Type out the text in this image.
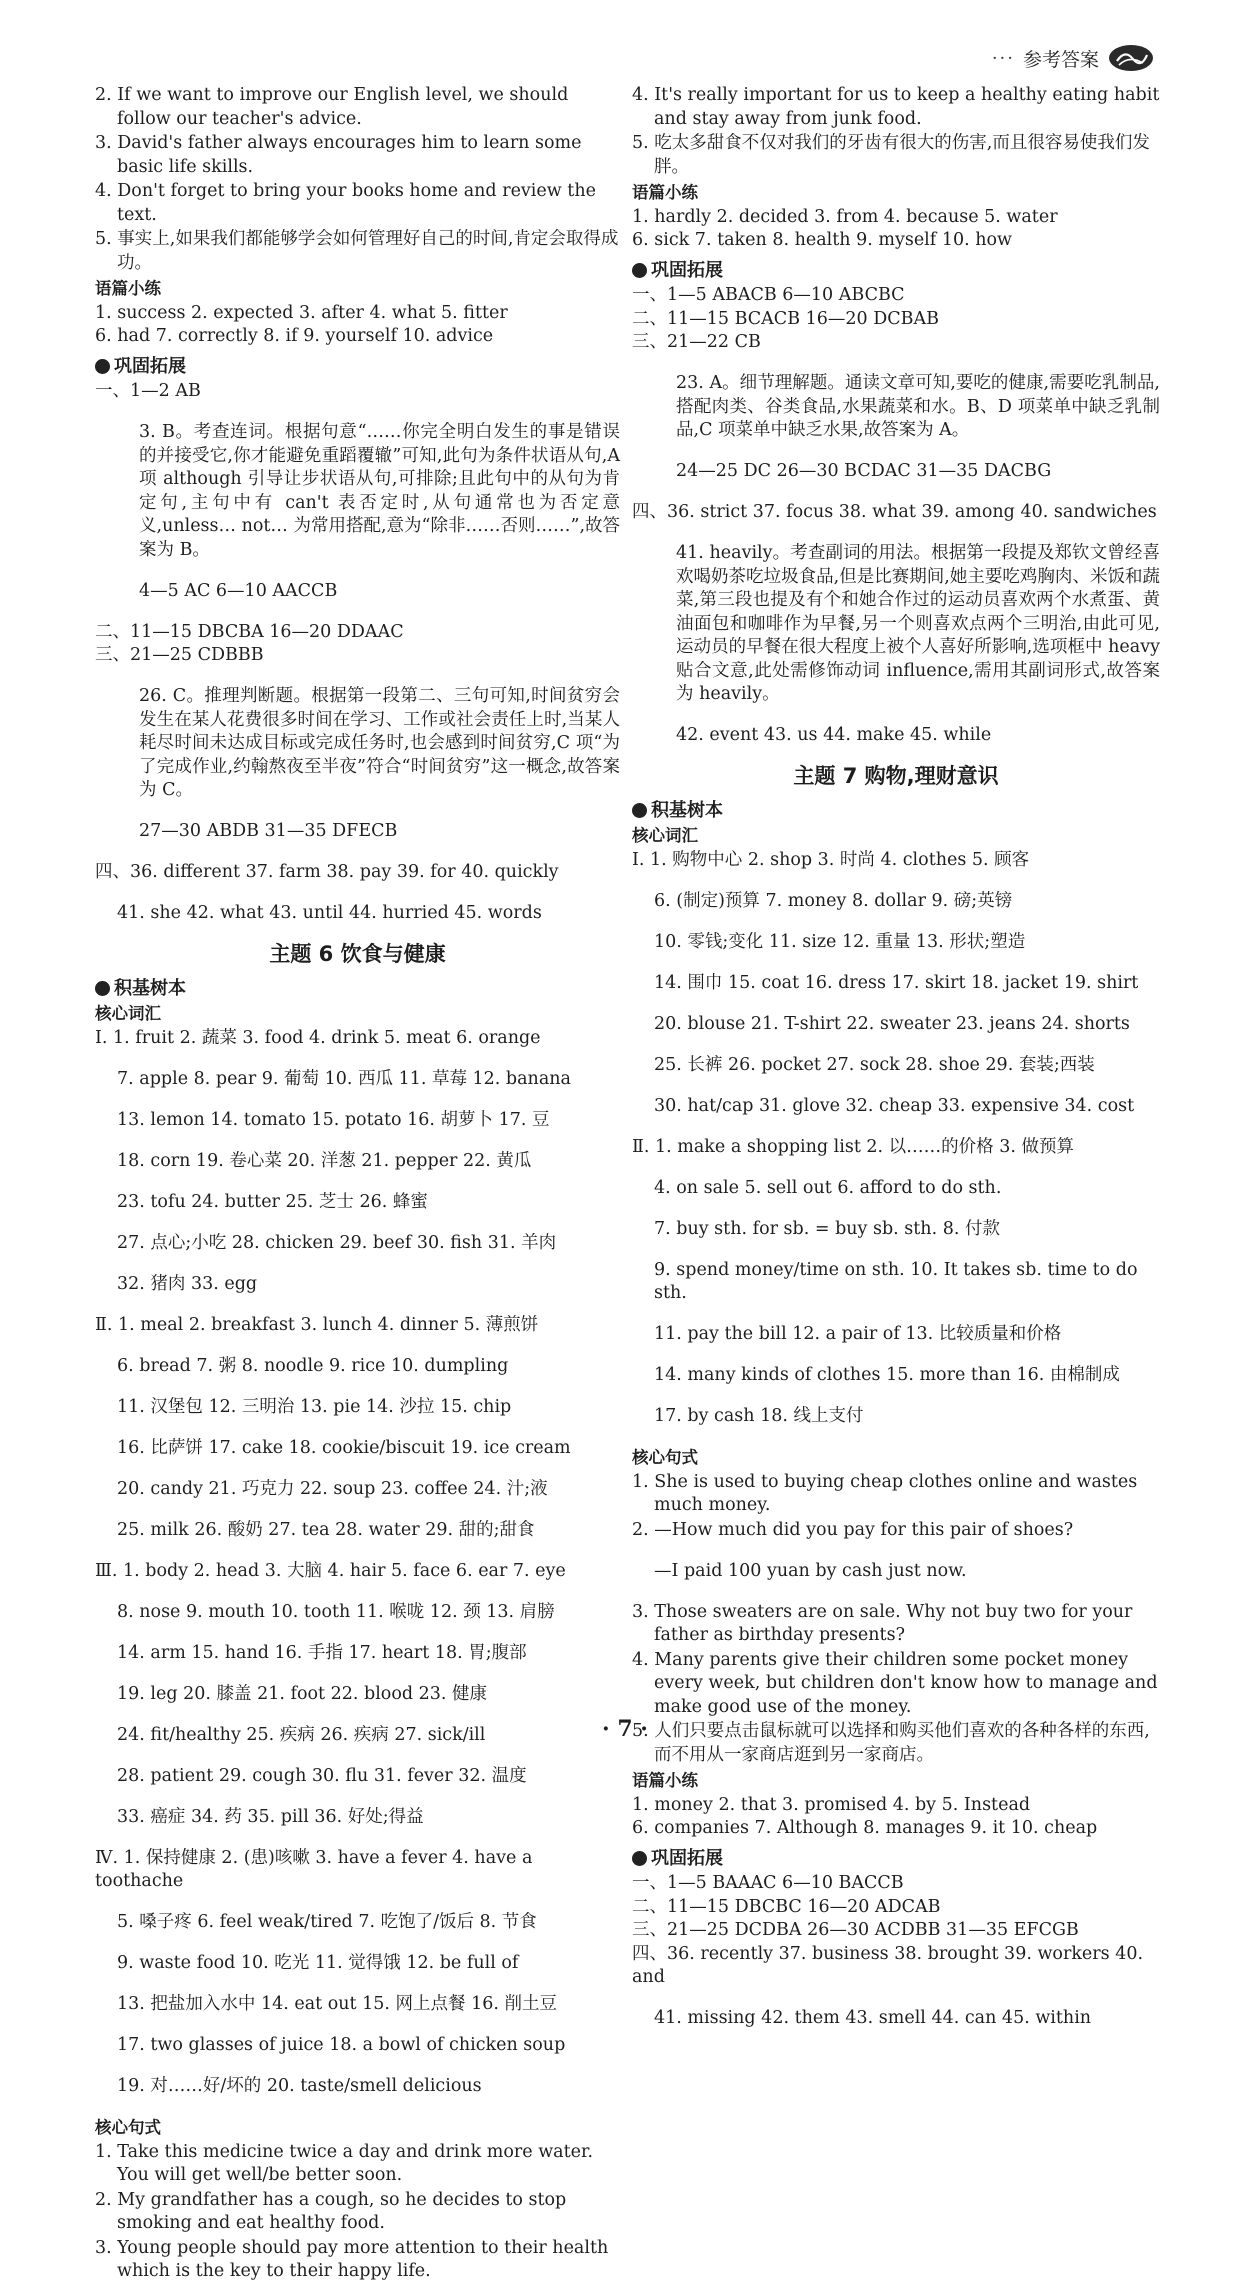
··· 参考答案

2. If we want to improve our English level, we should follow our teacher's advice.

3. David's father always encourages him to learn some basic life skills.

4. Don't forget to bring your books home and review the text.

5. 事实上,如果我们都能够学会如何管理好自己的时间,肯定会取得成功。

语篇小练

1. success 2. expected 3. after 4. what 5. fitter

6. had 7. correctly 8. if 9. yourself 10. advice

巩固拓展

一、1—2 AB

3. B。考查连词。根据句意“……你完全明白发生的事是错误的并接受它,你才能避免重蹈覆辙”可知,此句为条件状语从句,A 项 although 引导让步状语从句,可排除;且此句中的从句为肯定句,主句中有 can't 表否定时,从句通常也为否定意义,unless… not… 为常用搭配,意为“除非……否则……”,故答案为 B。

4—5 AC 6—10 AACCB

二、11—15 DBCBA 16—20 DDAAC

三、21—25 CDBBB

26. C。推理判断题。根据第一段第二、三句可知,时间贫穷会发生在某人花费很多时间在学习、工作或社会责任上时,当某人耗尽时间未达成目标或完成任务时,也会感到时间贫穷,C 项“为了完成作业,约翰熬夜至半夜”符合“时间贫穷”这一概念,故答案为 C。

27—30 ABDB 31—35 DFECB

四、36. different 37. farm 38. pay 39. for 40. quickly

41. she 42. what 43. until 44. hurried 45. words

主题 6 饮食与健康
积基树本
核心词汇

Ⅰ. 1. fruit 2. 蔬菜 3. food 4. drink 5. meat 6. orange

7. apple 8. pear 9. 葡萄 10. 西瓜 11. 草莓 12. banana

13. lemon 14. tomato 15. potato 16. 胡萝卜 17. 豆

18. corn 19. 卷心菜 20. 洋葱 21. pepper 22. 黄瓜

23. tofu 24. butter 25. 芝士 26. 蜂蜜

27. 点心;小吃 28. chicken 29. beef 30. fish 31. 羊肉

32. 猪肉 33. egg

Ⅱ. 1. meal 2. breakfast 3. lunch 4. dinner 5. 薄煎饼

6. bread 7. 粥 8. noodle 9. rice 10. dumpling

11. 汉堡包 12. 三明治 13. pie 14. 沙拉 15. chip

16. 比萨饼 17. cake 18. cookie/biscuit 19. ice cream

20. candy 21. 巧克力 22. soup 23. coffee 24. 汁;液

25. milk 26. 酸奶 27. tea 28. water 29. 甜的;甜食

Ⅲ. 1. body 2. head 3. 大脑 4. hair 5. face 6. ear 7. eye

8. nose 9. mouth 10. tooth 11. 喉咙 12. 颈 13. 肩膀

14. arm 15. hand 16. 手指 17. heart 18. 胃;腹部

19. leg 20. 膝盖 21. foot 22. blood 23. 健康

24. fit/healthy 25. 疾病 26. 疾病 27. sick/ill

28. patient 29. cough 30. flu 31. fever 32. 温度

33. 癌症 34. 药 35. pill 36. 好处;得益

Ⅳ. 1. 保持健康 2. (患)咳嗽 3. have a fever 4. have a toothache

5. 嗓子疼 6. feel weak/tired 7. 吃饱了/饭后 8. 节食

9. waste food 10. 吃光 11. 觉得饿 12. be full of

13. 把盐加入水中 14. eat out 15. 网上点餐 16. 削土豆

17. two glasses of juice 18. a bowl of chicken soup

19. 对……好/坏的 20. taste/smell delicious

核心句式

1. Take this medicine twice a day and drink more water. You will get well/be better soon.

2. My grandfather has a cough, so he decides to stop smoking and eat healthy food.

3. Young people should pay more attention to their health which is the key to their happy life.

4. It's really important for us to keep a healthy eating habit and stay away from junk food.

5. 吃太多甜食不仅对我们的牙齿有很大的伤害,而且很容易使我们发胖。

语篇小练

1. hardly 2. decided 3. from 4. because 5. water

6. sick 7. taken 8. health 9. myself 10. how

巩固拓展

一、1—5 ABACB 6—10 ABCBC

二、11—15 BCACB 16—20 DCBAB

三、21—22 CB

23. A。细节理解题。通读文章可知,要吃的健康,需要吃乳制品,搭配肉类、谷类食品,水果蔬菜和水。B、D 项菜单中缺乏乳制品,C 项菜单中缺乏水果,故答案为 A。

24—25 DC 26—30 BCDAC 31—35 DACBG

四、36. strict 37. focus 38. what 39. among 40. sandwiches

41. heavily。考查副词的用法。根据第一段提及郑钦文曾经喜欢喝奶茶吃垃圾食品,但是比赛期间,她主要吃鸡胸肉、米饭和蔬菜,第三段也提及有个和她合作过的运动员喜欢两个水煮蛋、黄油面包和咖啡作为早餐,另一个则喜欢点两个三明治,由此可见,运动员的早餐在很大程度上被个人喜好所影响,选项框中 heavy 贴合文意,此处需修饰动词 influence,需用其副词形式,故答案为 heavily。

42. event 43. us 44. make 45. while

主题 7 购物,理财意识
积基树本
核心词汇

Ⅰ. 1. 购物中心 2. shop 3. 时尚 4. clothes 5. 顾客

6. (制定)预算 7. money 8. dollar 9. 磅;英镑

10. 零钱;变化 11. size 12. 重量 13. 形状;塑造

14. 围巾 15. coat 16. dress 17. skirt 18. jacket 19. shirt

20. blouse 21. T-shirt 22. sweater 23. jeans 24. shorts

25. 长裤 26. pocket 27. sock 28. shoe 29. 套装;西装

30. hat/cap 31. glove 32. cheap 33. expensive 34. cost

Ⅱ. 1. make a shopping list 2. 以……的价格 3. 做预算

4. on sale 5. sell out 6. afford to do sth.

7. buy sth. for sb. = buy sb. sth. 8. 付款

9. spend money/time on sth. 10. It takes sb. time to do sth.

11. pay the bill 12. a pair of 13. 比较质量和价格

14. many kinds of clothes 15. more than 16. 由棉制成

17. by cash 18. 线上支付

核心句式

1. She is used to buying cheap clothes online and wastes much money.

2. —How much did you pay for this pair of shoes?

—I paid 100 yuan by cash just now.

3. Those sweaters are on sale. Why not buy two for your father as birthday presents?

4. Many parents give their children some pocket money every week, but children don't know how to manage and make good use of the money.

5. 人们只要点击鼠标就可以选择和购买他们喜欢的各种各样的东西,而不用从一家商店逛到另一家商店。

语篇小练

1. money 2. that 3. promised 4. by 5. Instead

6. companies 7. Although 8. manages 9. it 10. cheap

巩固拓展

一、1—5 BAAAC 6—10 BACCB

二、11—15 DBCBC 16—20 ADCAB

三、21—25 DCDBA 26—30 ACDBB 31—35 EFCGB

四、36. recently 37. business 38. brought 39. workers 40. and

41. missing 42. them 43. smell 44. can 45. within

· 7 ·
